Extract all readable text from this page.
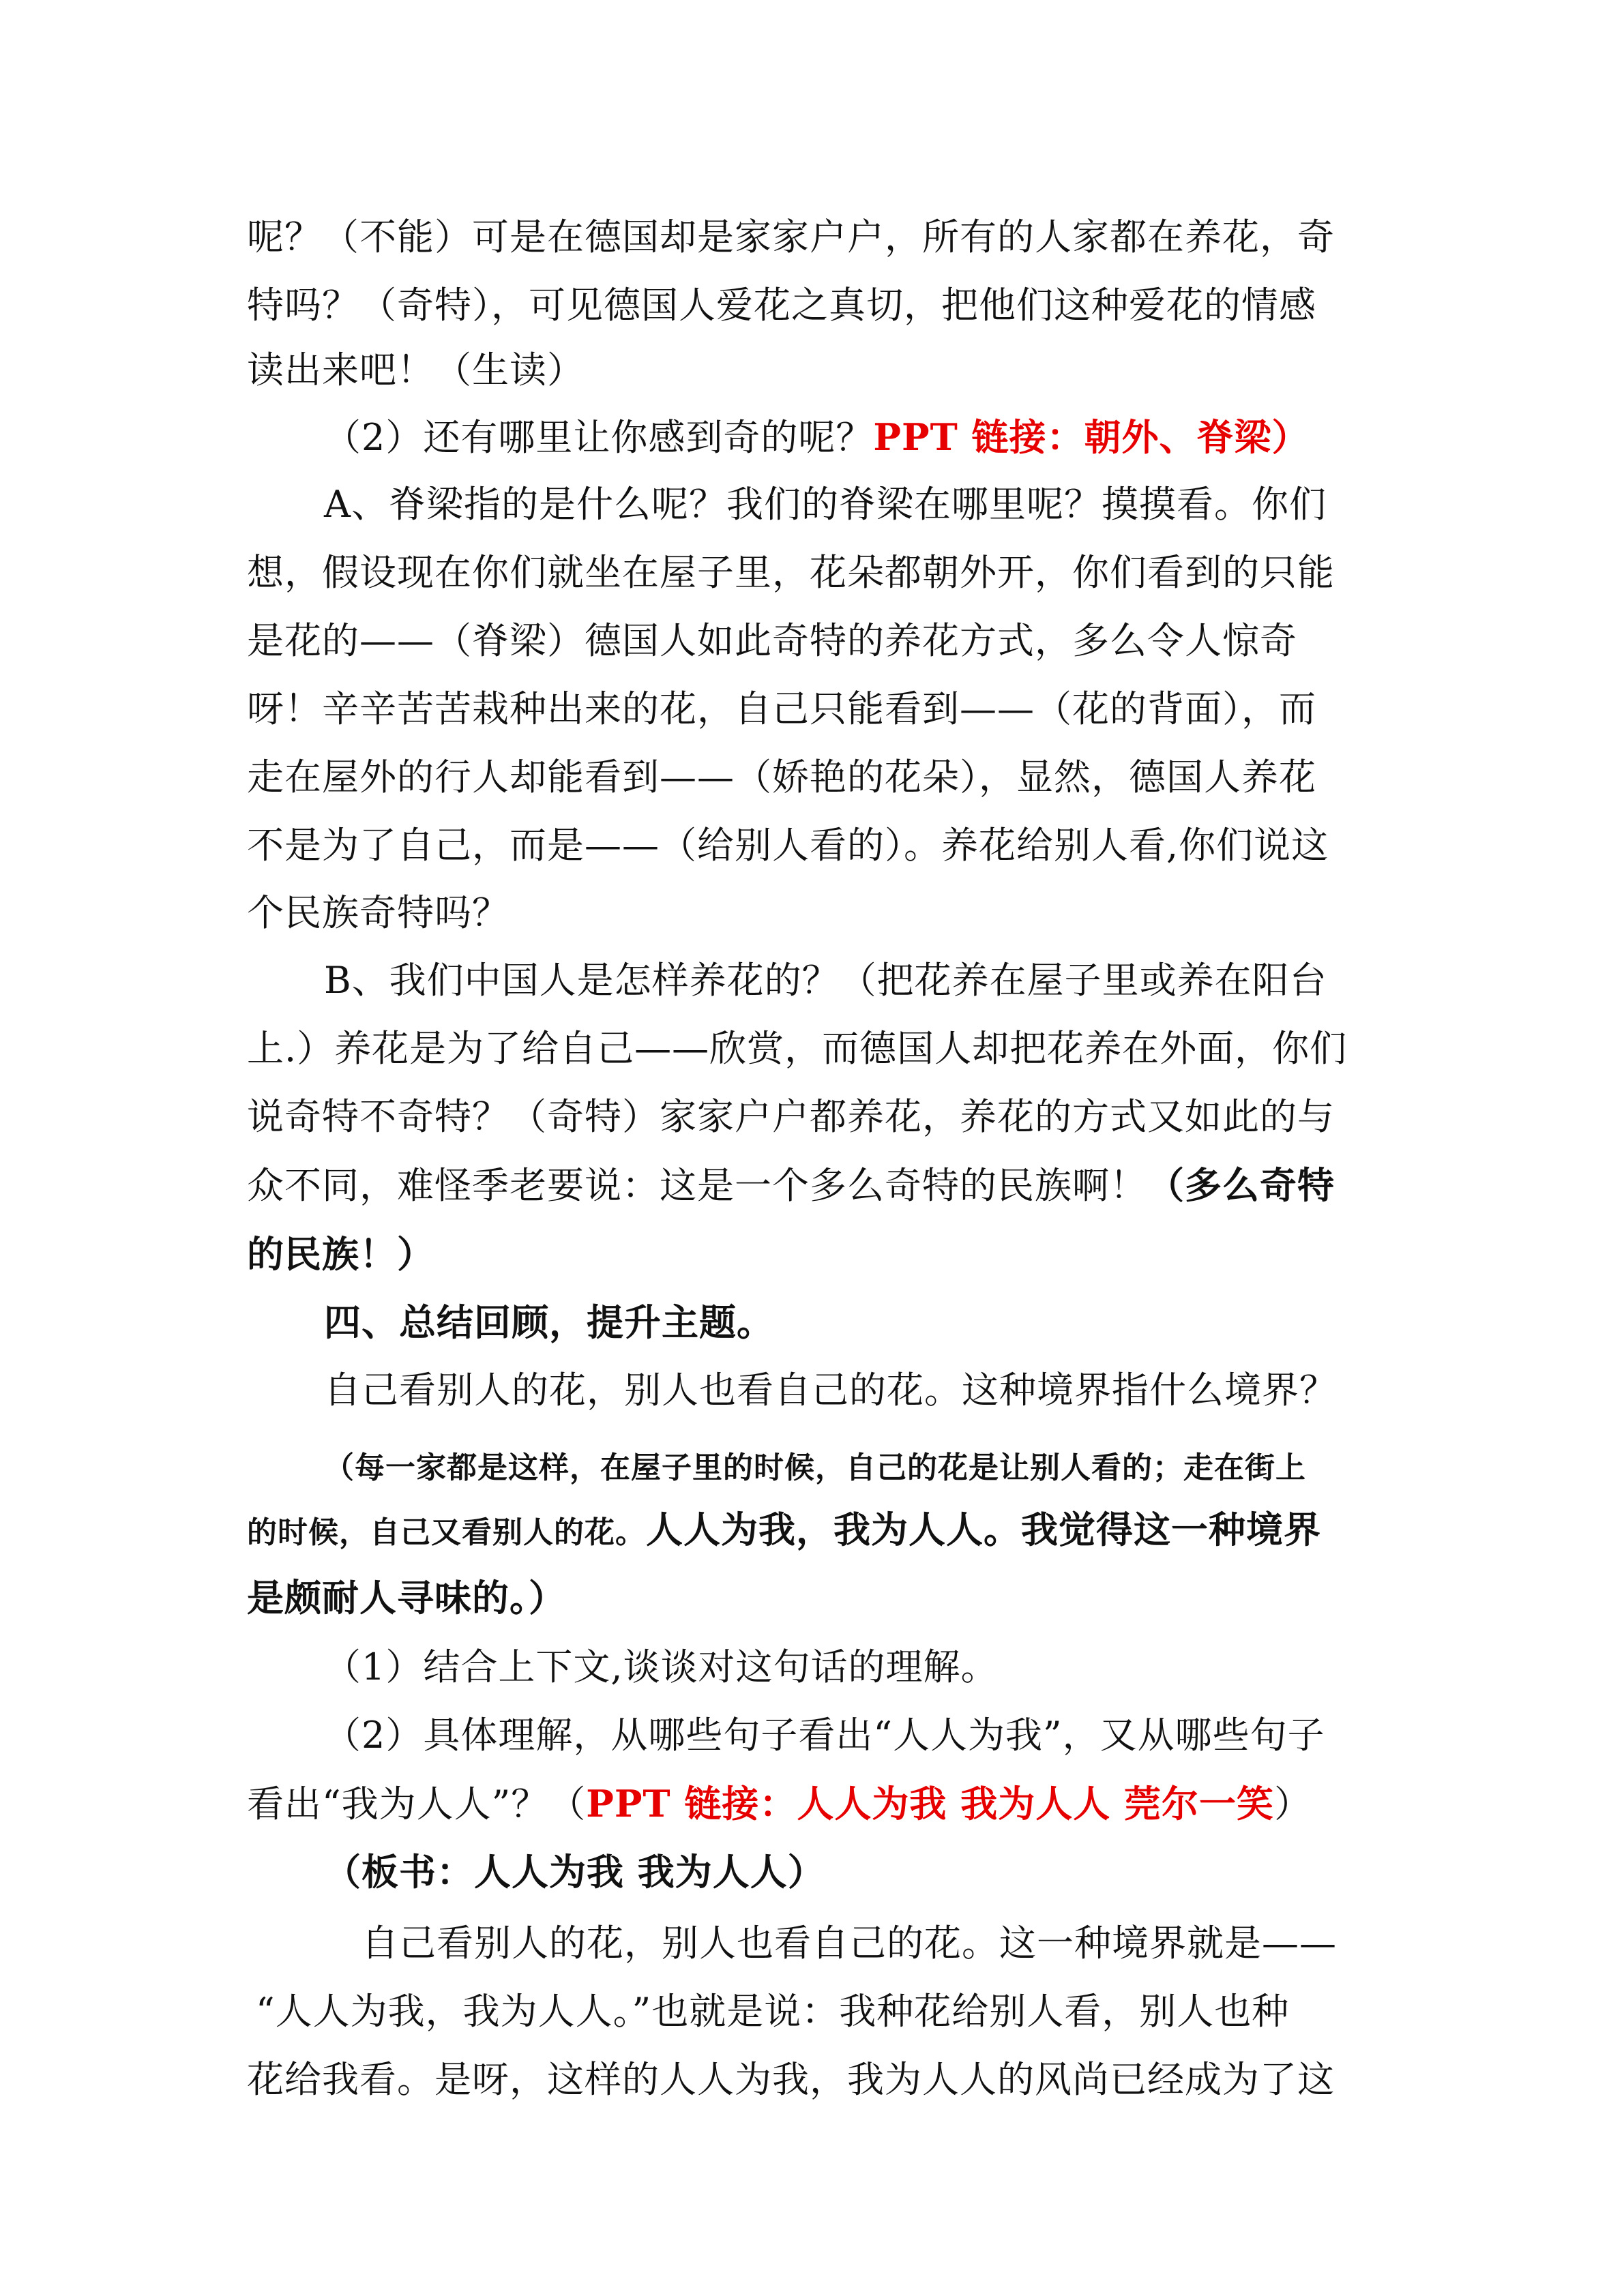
呢？（不能）可是在德国却是家家户户，所有的人家都在养花，奇
特吗？（奇特），可见德国人爱花之真切，把他们这种爱花的情感
读出来吧！（生读）
（2）还有哪里让你感到奇的呢？PPT 链接：朝外、脊梁）
A、脊梁指的是什么呢？我们的脊梁在哪里呢？摸摸看。你们
想，假设现在你们就坐在屋子里，花朵都朝外开，你们看到的只能
是花的——（脊梁）德国人如此奇特的养花方式，多么令人惊奇
呀！辛辛苦苦栽种出来的花，自己只能看到——（花的背面），而
走在屋外的行人却能看到——（娇艳的花朵），显然，德国人养花
不是为了自己，而是——（给别人看的）。养花给别人看,你们说这
个民族奇特吗？
B、我们中国人是怎样养花的？（把花养在屋子里或养在阳台
上.）养花是为了给自己——欣赏，而德国人却把花养在外面，你们
说奇特不奇特？（奇特）家家户户都养花，养花的方式又如此的与
众不同，难怪季老要说：这是一个多么奇特的民族啊！（多么奇特
的民族！）
四、总结回顾，提升主题。
自己看别人的花，别人也看自己的花。这种境界指什么境界？
（每一家都是这样，在屋子里的时候，自己的花是让别人看的；走在街上
的时候，自己又看别人的花。人人为我，我为人人。我觉得这一种境界
是颇耐人寻味的。）
（1）结合上下文,谈谈对这句话的理解。
（2）具体理解，从哪些句子看出“人人为我”，又从哪些句子
看出“我为人人”？（PPT 链接：人人为我 我为人人 莞尔一笑）
（板书：人人为我 我为人人）
自己看别人的花，别人也看自己的花。这一种境界就是——
“人人为我，我为人人。”也就是说：我种花给别人看，别人也种
花给我看。是呀，这样的人人为我，我为人人的风尚已经成为了这
